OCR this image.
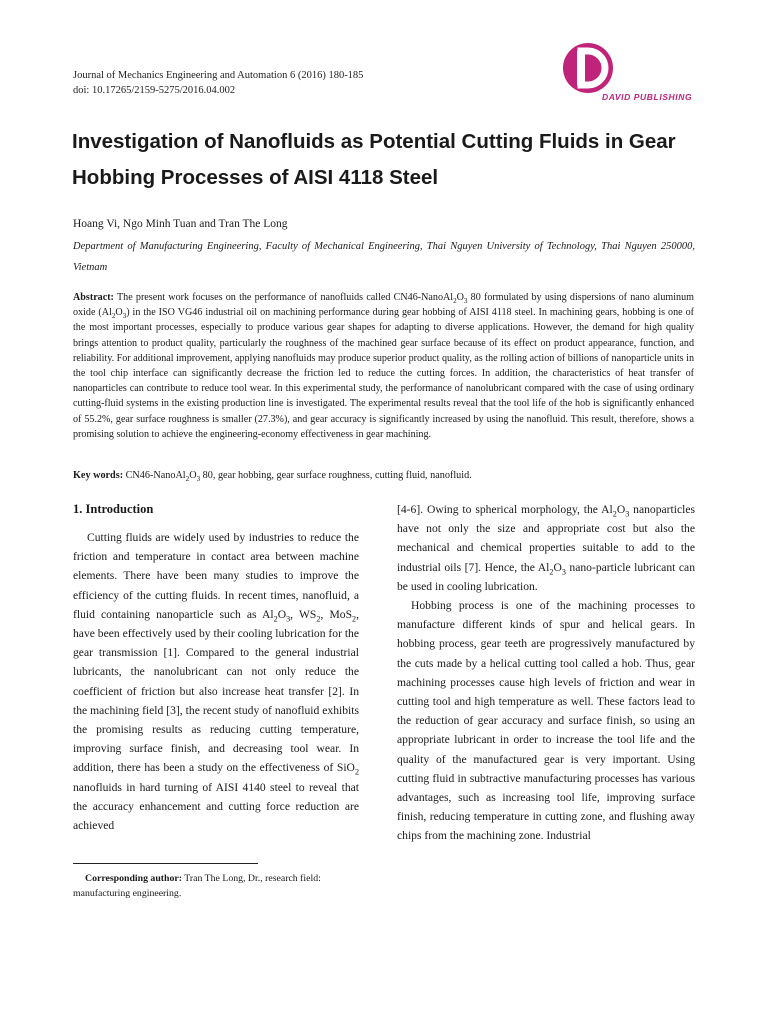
Journal of Mechanics Engineering and Automation 6 (2016) 180-185
doi: 10.17265/2159-5275/2016.04.002
DAVID PUBLISHING
Investigation of Nanofluids as Potential Cutting Fluids in Gear Hobbing Processes of AISI 4118 Steel
Hoang Vi, Ngo Minh Tuan and Tran The Long
Department of Manufacturing Engineering, Faculty of Mechanical Engineering, Thai Nguyen University of Technology, Thai Nguyen 250000, Vietnam
Abstract: The present work focuses on the performance of nanofluids called $CN46-NanoAl_2O_3$ 80 formulated by using dispersions of nano aluminum oxide $(Al_2O_3)$ in the ISO VG46 industrial oil on machining performance during gear hobbing of AISI 4118 steel. In machining gears, hobbing is one of the most important processes, especially to produce various gear shapes for adapting to diverse applications. However, the demand for high quality brings attention to product quality, particularly the roughness of the machined gear surface because of its effect on product appearance, function, and reliability. For additional improvement, applying nanofluids may produce superior product quality, as the rolling action of billions of nanoparticle units in the tool chip interface can significantly decrease the friction led to reduce the cutting forces. In addition, the characteristics of heat transfer of nanoparticles can contribute to reduce tool wear. In this experimental study, the performance of nanolubricant compared with the case of using ordinary cutting-fluid systems in the existing production line is investigated. The experimental results reveal that the tool life of the hob is significantly enhanced of 55.2%, gear surface roughness is smaller (27.3%), and gear accuracy is significantly increased by using the nanofluid. This result, therefore, shows a promising solution to achieve the engineering-economy effectiveness in gear machining.
Key words: $CN46-NanoAl_2O_3$ 80, gear hobbing, gear surface roughness, cutting fluid, nanofluid.
1. Introduction

Cutting fluids are widely used by industries to reduce the friction and temperature in contact area between machine elements. There have been many studies to improve the efficiency of the cutting fluids. In recent times, nanofluid, a fluid containing nanoparticle such as $Al_2O_3$, $WS_2$, MoS$_2$, have been effectively used by their cooling lubrication for the gear transmission [1]. Compared to the general industrial lubricants, the nanolubricant can not only reduce the coefficient of friction but also increase heat transfer [2]. In the machining field [3], the recent study of nanofluid exhibits the promising results as reducing cutting temperature, improving surface finish, and decreasing tool wear. In addition, there has been a study on the effectiveness of SiO$_2$ nanofluids in hard turning of AISI 4140 steel to reveal that the accuracy enhancement and cutting force reduction are achieved

[4-6]. Owing to spherical morphology, the $Al_2O_3$ nanoparticles have not only the size and appropriate cost but also the mechanical and chemical properties suitable to add to the industrial oils [7]. Hence, the $Al_2O_3$ nano-particle lubricant can be used in cooling lubrication.

Hobbing process is one of the machining processes to manufacture different kinds of spur and helical gears. In hobbing process, gear teeth are progressively manufactured by the cuts made by a helical cutting tool called a hob. Thus, gear machining processes cause high levels of friction and wear in cutting tool and high temperature as well. These factors lead to the reduction of gear accuracy and surface finish, so using an appropriate lubricant in order to increase the tool life and the quality of the manufactured gear is very important. Using cutting fluid in subtractive manufacturing processes has various advantages, such as increasing tool life, improving surface finish, reducing temperature in cutting zone, and flushing away chips from the machining zone. Industrial

Corresponding author: Tran The Long, Dr., research field: manufacturing engineering.
